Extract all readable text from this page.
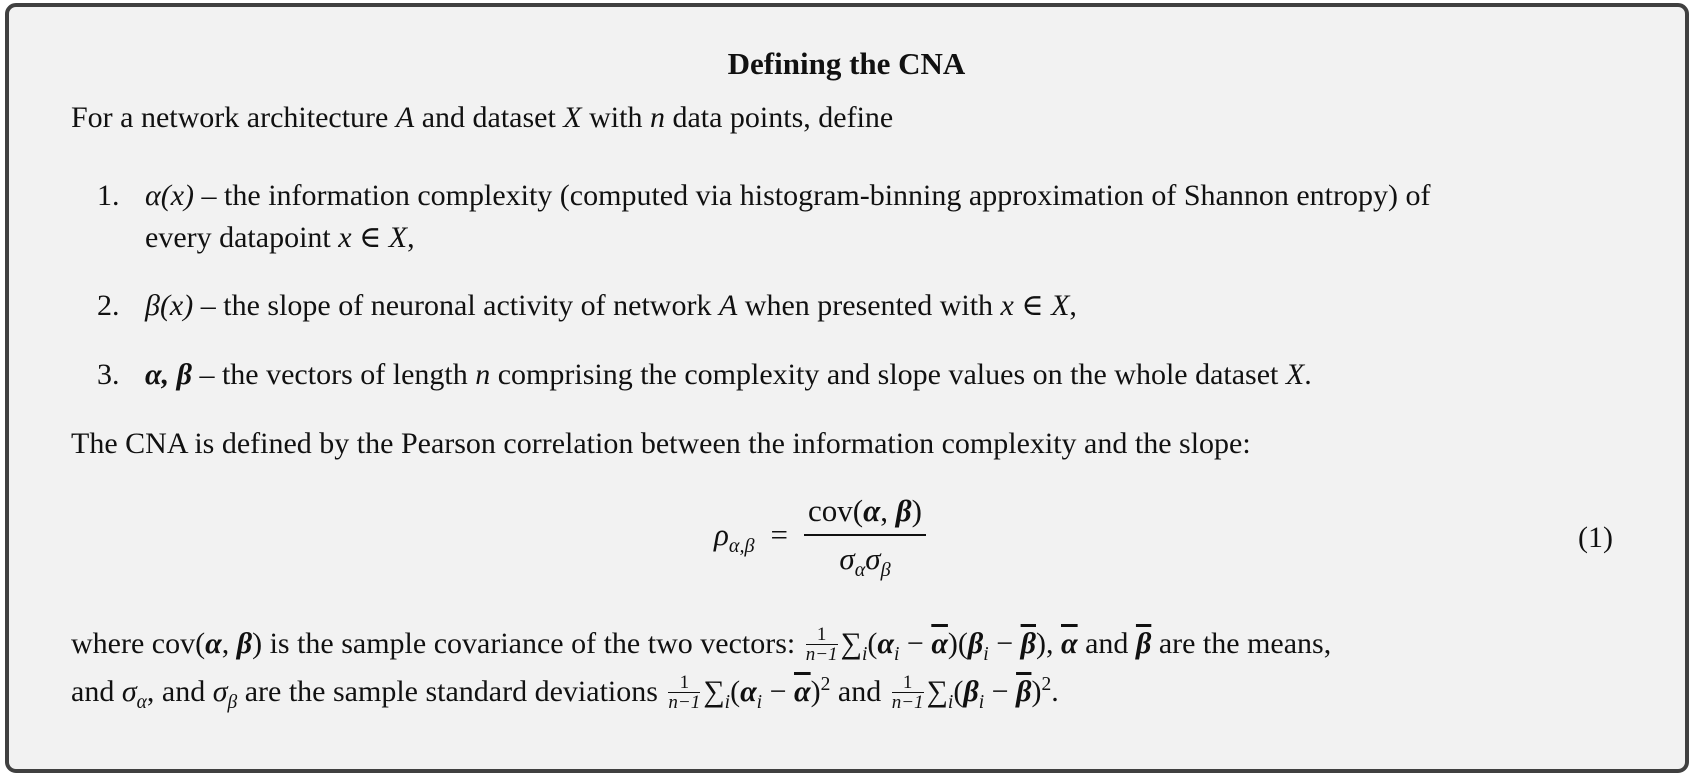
Defining the CNA
For a network architecture A and dataset X with n data points, define
1. α(x) – the information complexity (computed via histogram-binning approximation of Shannon entropy) of
every datapoint x ∈ X,
2. β(x) – the slope of neuronal activity of network A when presented with x ∈ X,
3. α, β – the vectors of length n comprising the complexity and slope values on the whole dataset X.
The CNA is defined by the Pearson correlation between the information complexity and the slope:
$\rho_{\alpha,\beta} = \frac{\text{cov(α, β)}}{\sigma_\alpha\sigma_\beta}$	(1)
where cov(α, β) is the sample covariance of the two vectors: $\frac{1}{n-1} \sum_i(\alpha_i - \overline{\alpha})(\beta_i - \overline{\beta})$, $\overline{\alpha}$ and $\overline{\beta}$ are the means,
and $\sigma_\alpha$, and $\sigma_\beta$ are the sample standard deviations $\frac{1}{n-1} \sum_i(\alpha_i - \overline{\alpha})^2$ and $\frac{1}{n-1} \sum_i(\beta_i - \overline{\beta})^2$.
